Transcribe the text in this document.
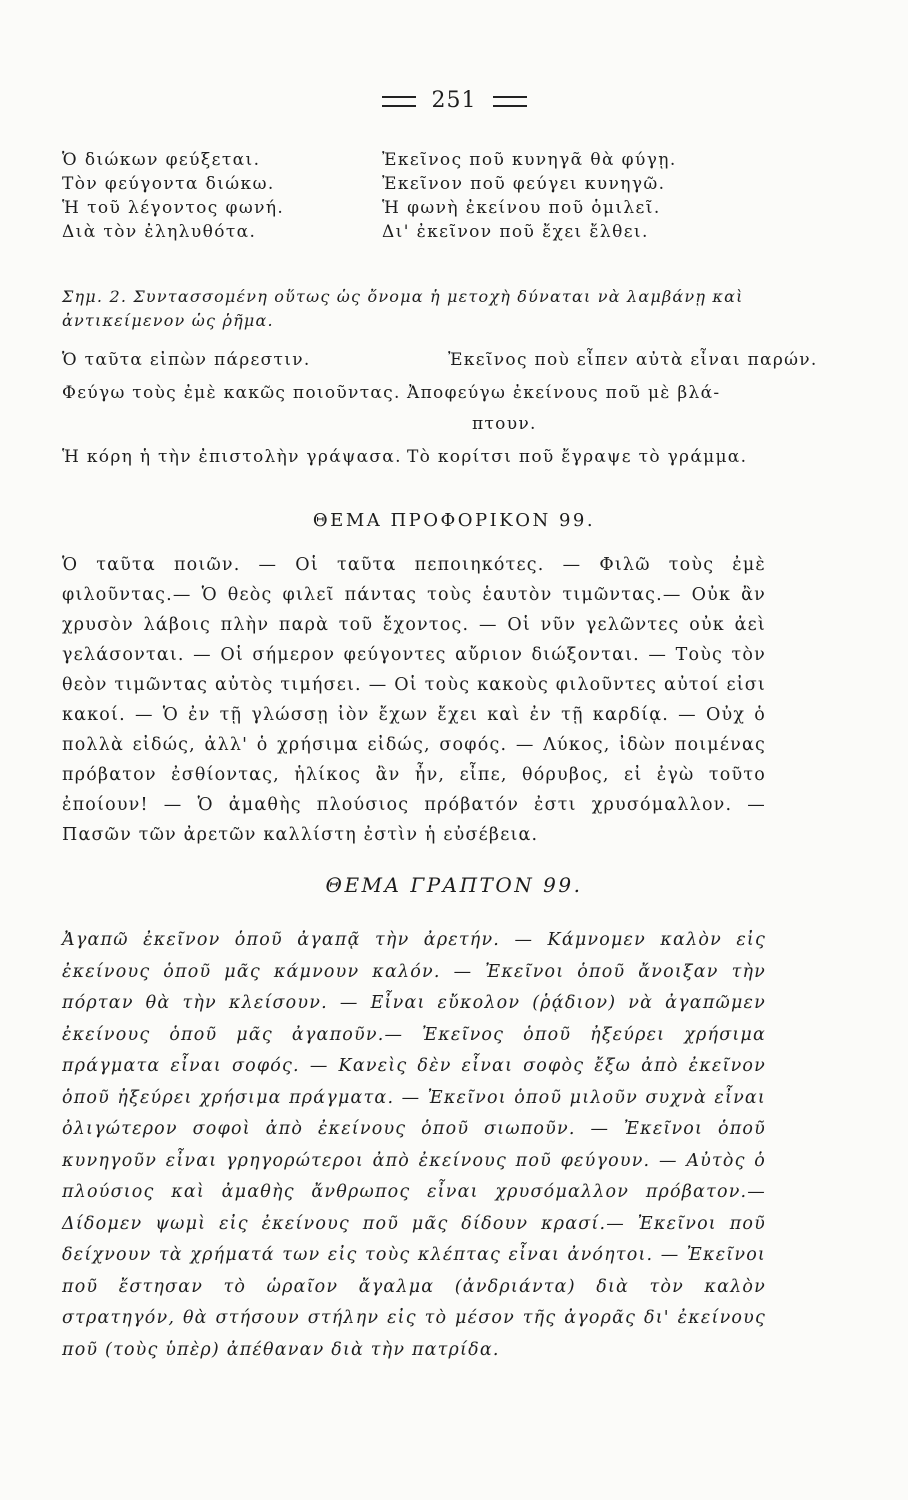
251
Ὁ διώκων φεύξεται.	Ἐκεῖνος ποῦ κυνηγᾶ θὰ φύγῃ.
Τὸν φεύγοντα διώκω.	Ἐκεῖνον ποῦ φεύγει κυνηγῶ.
Ἡ τοῦ λέγοντος φωνή.	Ἡ φωνὴ ἐκείνου ποῦ ὁμιλεῖ.
Διὰ τὸν ἐληλυθότα.	Δι' ἐκεῖνον ποῦ ἔχει ἔλθει.
Σημ. 2. Συντασσομένη οὕτως ὡς ὄνομα ἡ μετοχὴ δύναται νὰ λαμβάνῃ καὶ ἀντικείμενον ὡς ῥῆμα.
Ὁ ταῦτα εἰπὼν πάρεστιν.	Ἐκεῖνος ποὺ εἶπεν αὐτὰ εἶναι παρών.
Φεύγω τοὺς ἐμὲ κακῶς ποιοῦντας. Ἀποφεύγω ἐκείνους ποῦ μὲ βλά-
πτουν.
Ἡ κόρη ἡ τὴν ἐπιστολὴν γράψασα. Τὸ κορίτσι ποῦ ἔγραψε τὸ γράμμα.
ΘΕΜΑ ΠΡΟΦΟΡΙΚΟΝ 99.
Ὁ ταῦτα ποιῶν. — Οἱ ταῦτα πεποιηκότες. — Φιλῶ τοὺς ἐμὲ φιλοῦντας.— Ὁ θεὸς φιλεῖ πάντας τοὺς ἑαυτὸν τιμῶντας.— Οὐκ ἂν χρυσὸν λάβοις πλὴν παρὰ τοῦ ἔχοντος. — Οἱ νῦν γελῶντες οὐκ ἀεὶ γελάσονται. — Οἱ σήμερον φεύγοντες αὔριον διώξονται. — Τοὺς τὸν θεὸν τιμῶντας αὐτὸς τιμήσει. — Οἱ τοὺς κακοὺς φιλοῦντες αὐτοί εἰσι κακοί. — Ὁ ἐν τῇ γλώσσῃ ἰὸν ἔχων ἔχει καὶ ἐν τῇ καρδίᾳ. — Οὐχ ὁ πολλὰ εἰδώς, ἀλλ' ὁ χρήσιμα εἰδώς, σοφός. — Λύκος, ἰδὼν ποιμένας πρόβατον ἐσθίοντας, ἡλίκος ἂν ἦν, εἶπε, θόρυβος, εἰ ἐγὼ τοῦτο ἐποίουν! — Ὁ ἀμαθὴς πλούσιος πρόβατόν ἐστι χρυσόμαλλον. — Πασῶν τῶν ἀρετῶν καλλίστη ἐστὶν ἡ εὐσέβεια.
ΘΕΜΑ ΓΡΑΠΤΟΝ 99.
Ἀγαπῶ ἐκεῖνον ὁποῦ ἀγαπᾷ τὴν ἀρετήν. — Κάμνομεν καλὸν εἰς ἐκείνους ὁποῦ μᾶς κάμνουν καλόν. — Ἐκεῖνοι ὁποῦ ἄνοιξαν τὴν πόρταν θὰ τὴν κλείσουν. — Εἶναι εὔκολον (ῥᾴδιον) νὰ ἀγαπῶμεν ἐκείνους ὁποῦ μᾶς ἀγαποῦν.— Ἐκεῖνος ὁποῦ ἠξεύρει χρήσιμα πράγματα εἶναι σοφός. — Κανεὶς δὲν εἶναι σοφὸς ἔξω ἀπὸ ἐκεῖνον ὁποῦ ἠξεύρει χρήσιμα πράγματα. — Ἐκεῖνοι ὁποῦ μιλοῦν συχνὰ εἶναι ὀλιγώτερον σοφοὶ ἀπὸ ἐκείνους ὁποῦ σιωποῦν. — Ἐκεῖνοι ὁποῦ κυνηγοῦν εἶναι γρηγορώτεροι ἀπὸ ἐκείνους ποῦ φεύγουν. — Αὐτὸς ὁ πλούσιος καὶ ἀμαθὴς ἄνθρωπος εἶναι χρυσόμαλλον πρόβατον.—Δίδομεν ψωμὶ εἰς ἐκείνους ποῦ μᾶς δίδουν κρασί.— Ἐκεῖνοι ποῦ δείχνουν τὰ χρήματά των εἰς τοὺς κλέπτας εἶναι ἀνόητοι. — Ἐκεῖνοι ποῦ ἔστησαν τὸ ὡραῖον ἄγαλμα (ἀνδριάντα) διὰ τὸν καλὸν στρατηγόν, θὰ στήσουν στήλην εἰς τὸ μέσον τῆς ἀγορᾶς δι' ἐκείνους ποῦ (τοὺς ὑπὲρ) ἀπέθαναν διὰ τὴν πατρίδα.
